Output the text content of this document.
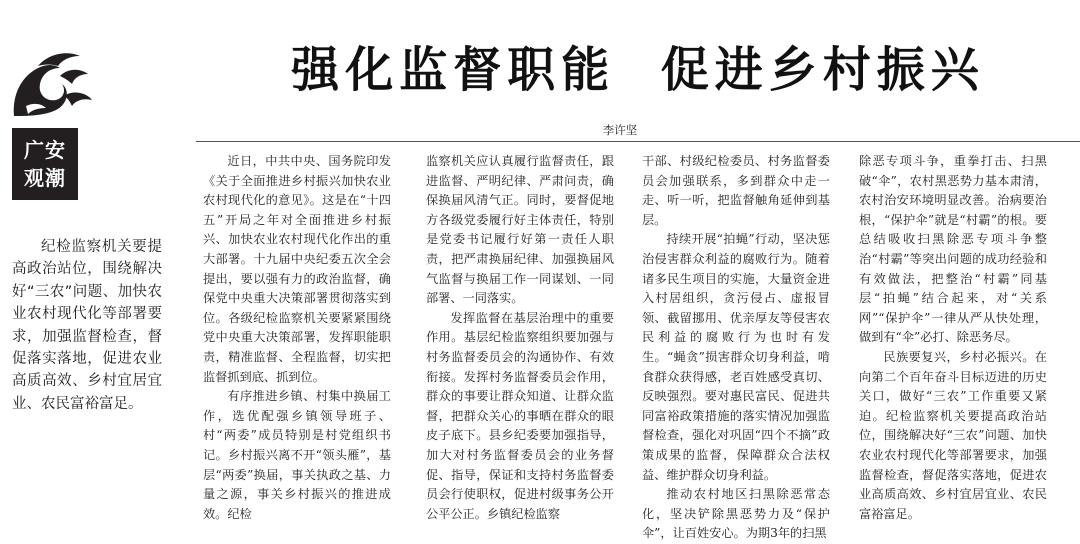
广安
观潮

纪检监察机关要提高政治站位，围绕解决好“三农”问题、加快农业农村现代化等部署要求，加强监督检查，督促落实落地，促进农业高质高效、乡村宜居宜业、农民富裕富足。

强化监督职能  促进乡村振兴

李许坚

近日，中共中央、国务院印发《关于全面推进乡村振兴加快农业农村现代化的意见》。这是在“十四五”开局之年对全面推进乡村振兴、加快农业农村现代化作出的重大部署。十九届中央纪委五次全会提出，要以强有力的政治监督，确保党中央重大决策部署贯彻落实到位。各级纪检监察机关要紧紧围绕党中央重大决策部署，发挥职能职责，精准监督、全程监督，切实把监督抓到底、抓到位。

有序推进乡镇、村集中换届工作，选优配强乡镇领导班子、村“两委”成员特别是村党组织书记。乡村振兴离不开“领头雁”，基层“两委”换届，事关执政之基、力量之源，事关乡村振兴的推进成效。纪检

监察机关应认真履行监督责任，跟进监督、严明纪律、严肃问责，确保换届风清气正。同时，要督促地方各级党委履行好主体责任，特别是党委书记履行好第一责任人职责，把严肃换届纪律、加强换届风气监督与换届工作一同谋划、一同部署、一同落实。

发挥监督在基层治理中的重要作用。基层纪检监察组织要加强与村务监督委员会的沟通协作、有效衔接。发挥村务监督委员会作用，群众的事要让群众知道、让群众监督，把群众关心的事晒在群众的眼皮子底下。县乡纪委要加强指导，加大对村务监督委员会的业务督促、指导，保证和支持村务监督委员会行使职权，促进村级事务公开公平公正。乡镇纪检监察

干部、村级纪检委员、村务监督委员会加强联系，多到群众中走一走、听一听，把监督触角延伸到基层。

持续开展“拍蝇”行动，坚决惩治侵害群众利益的腐败行为。随着诸多民生项目的实施，大量资金进入村居组织，贪污侵占、虚报冒领、截留挪用、优亲厚友等侵害农民利益的腐败行为也时有发生。“蝇贪”损害群众切身利益，啃食群众获得感，老百姓感受真切、反映强烈。要对惠民富民、促进共同富裕政策措施的落实情况加强监督检查，强化对巩固“四个不摘”政策成果的监督，保障群众合法权益、维护群众切身利益。

推动农村地区扫黑除恶常态化，坚决铲除黑恶势力及“保护伞”，让百姓安心。为期3年的扫黑

除恶专项斗争，重拳打击、扫黑破“伞”，农村黑恶势力基本肃清，农村治安环境明显改善。治病要治根，“保护伞”就是“村霸”的根。要总结吸收扫黑除恶专项斗争整治“村霸”等突出问题的成功经验和有效做法，把整治“村霸”同基层“拍蝇”结合起来，对“关系网”“保护伞”一律从严从快处理，做到有“伞”必打、除恶务尽。

民族要复兴，乡村必振兴。在向第二个百年奋斗目标迈进的历史关口，做好“三农”工作重要又紧迫。纪检监察机关要提高政治站位，围绕解决好“三农”问题、加快农业农村现代化等部署要求，加强监督检查，督促落实落地，促进农业高质高效、乡村宜居宜业、农民富裕富足。
